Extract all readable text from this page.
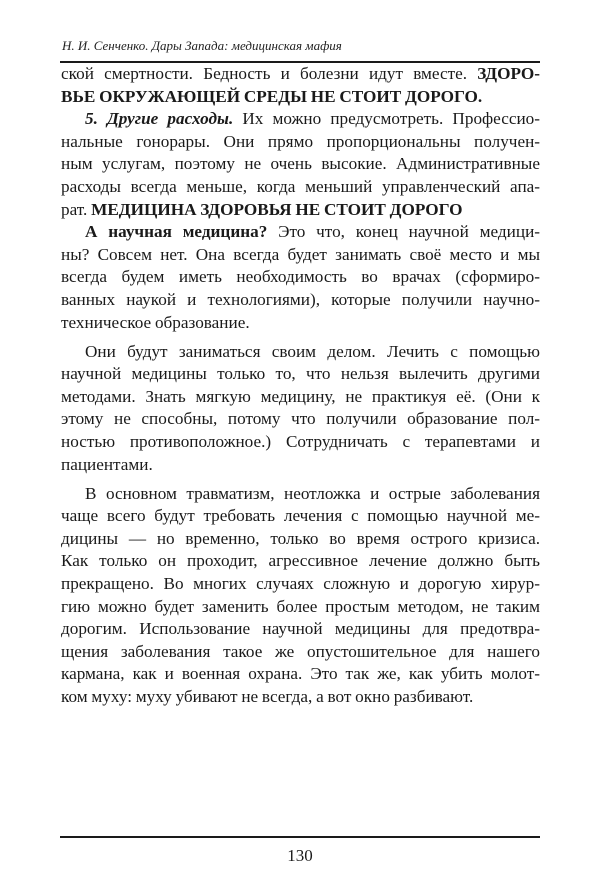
Н. И. Сенченко. Дары Запада: медицинская мафия
ской смертности. Бедность и болезни идут вместе. ЗДОРО-
ВЬЕ ОКРУЖАЮЩЕЙ СРЕДЫ НЕ СТОИТ ДОРОГО.
5. Другие расходы. Их можно предусмотреть. Профессио-
нальные гонорары. Они прямо пропорциональны получен-
ным услугам, поэтому не очень высокие. Административные
расходы всегда меньше, когда меньший управленческий апа-
рат. МЕДИЦИНА ЗДОРОВЬЯ НЕ СТОИТ ДОРОГО
А научная медицина? Это что, конец научной медици-
ны? Совсем нет. Она всегда будет занимать своё место и мы
всегда будем иметь необходимость во врачах (сформиро-
ванных наукой и технологиями), которые получили научно-
техническое образование.
Они будут заниматься своим делом. Лечить с помощью
научной медицины только то, что нельзя вылечить другими
методами. Знать мягкую медицину, не практикуя её. (Они к
этому не способны, потому что получили образование пол-
ностью противоположное.) Сотрудничать с терапевтами и
пациентами.
В основном травматизм, неотложка и острые заболевания
чаще всего будут требовать лечения с помощью научной ме-
дицины — но временно, только во время острого кризиса.
Как только он проходит, агрессивное лечение должно быть
прекращено. Во многих случаях сложную и дорогую хирур-
гию можно будет заменить более простым методом, не таким
дорогим. Использование научной медицины для предотвра-
щения заболевания такое же опустошительное для нашего
кармана, как и военная охрана. Это так же, как убить молот-
ком муху: муху убивают не всегда, а вот окно разбивают.
130
